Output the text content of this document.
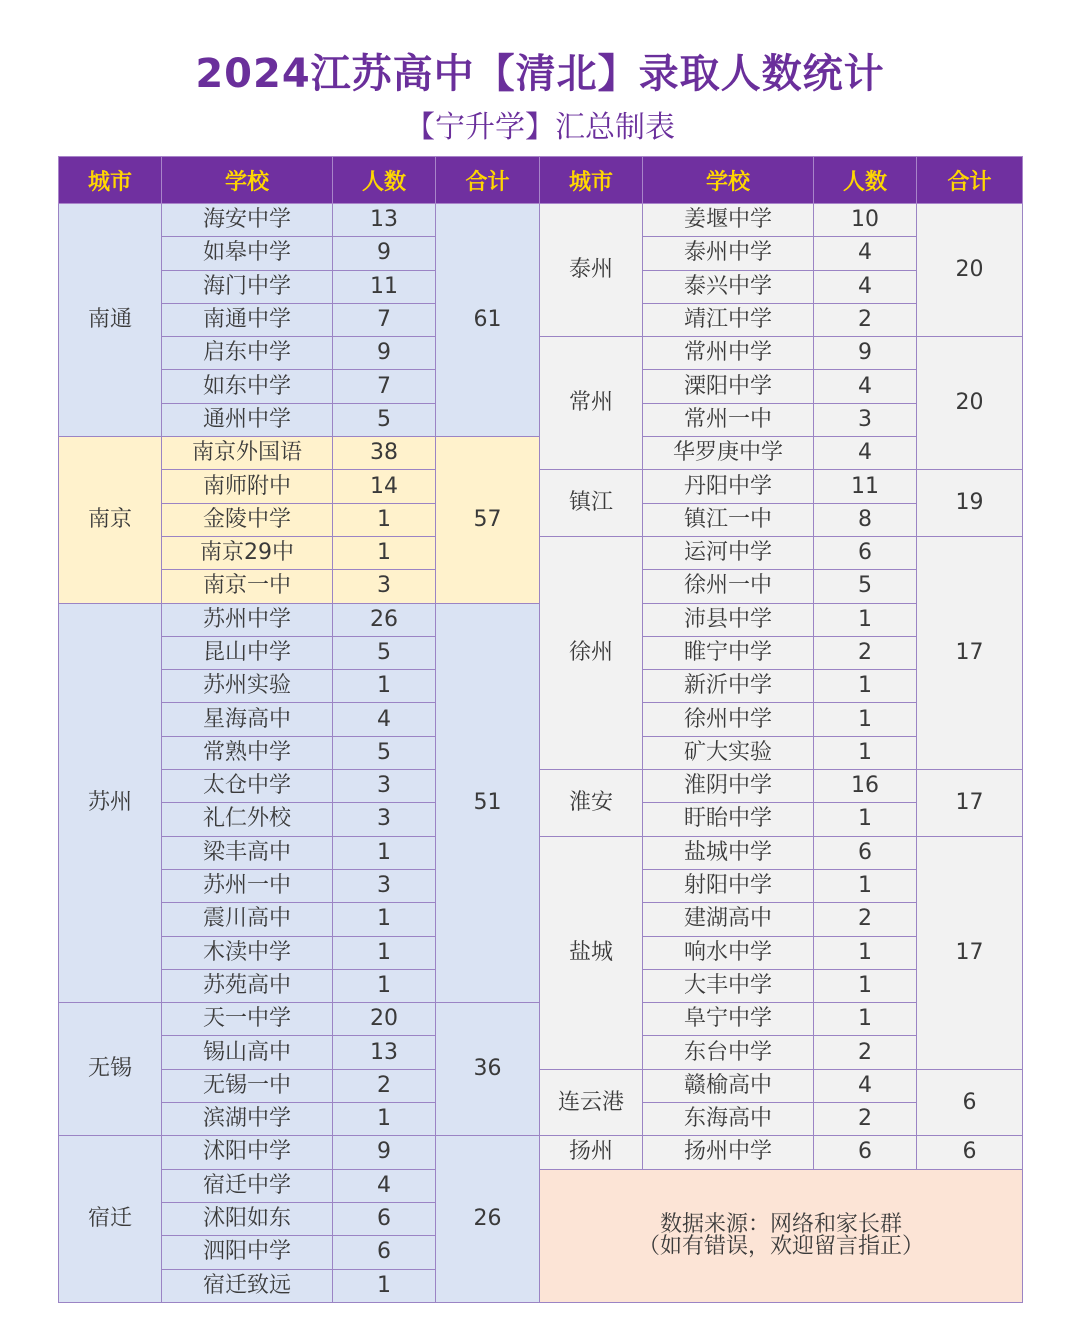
2024江苏高中【清北】录取人数统计
【宁升学】汇总制表
城市	学校	人数	合计	城市	学校	人数	合计
南通	海安中学	13	61	泰州	姜堰中学	10	20
	如皋中学	9			泰州中学	4	
	海门中学	11			泰兴中学	4	
	南通中学	7			靖江中学	2	
	启东中学	9		常州	常州中学	9	20
	如东中学	7			溧阳中学	4	
	通州中学	5			常州一中	3	
南京	南京外国语	38	57		华罗庚中学	4	
	南师附中	14		镇江	丹阳中学	11	19
	金陵中学	1			镇江一中	8	
	南京29中	1		徐州	运河中学	6	17
	南京一中	3			徐州一中	5	
苏州	苏州中学	26	51		沛县中学	1	
	昆山中学	5			睢宁中学	2	
	苏州实验	1			新沂中学	1	
	星海高中	4			徐州中学	1	
	常熟中学	5			矿大实验	1	
	太仓中学	3		淮安	淮阴中学	16	17
	礼仁外校	3			盱眙中学	1	
	梁丰高中	1		盐城	盐城中学	6	17
	苏州一中	3			射阳中学	1	
	震川高中	1			建湖高中	2	
	木渎中学	1			响水中学	1	
	苏苑高中	1			大丰中学	1	
无锡	天一中学	20	36		阜宁中学	1	
	锡山高中	13			东台中学	2	
	无锡一中	2		连云港	赣榆高中	4	6
	滨湖中学	1			东海高中	2	
宿迁	沭阳中学	9	26	扬州	扬州中学	6	6
	宿迁中学	4		数据来源：网络和家长群
（如有错误，欢迎留言指正）			

	沭阳如东	6					
	泗阳中学	6					
	宿迁致远	1					
